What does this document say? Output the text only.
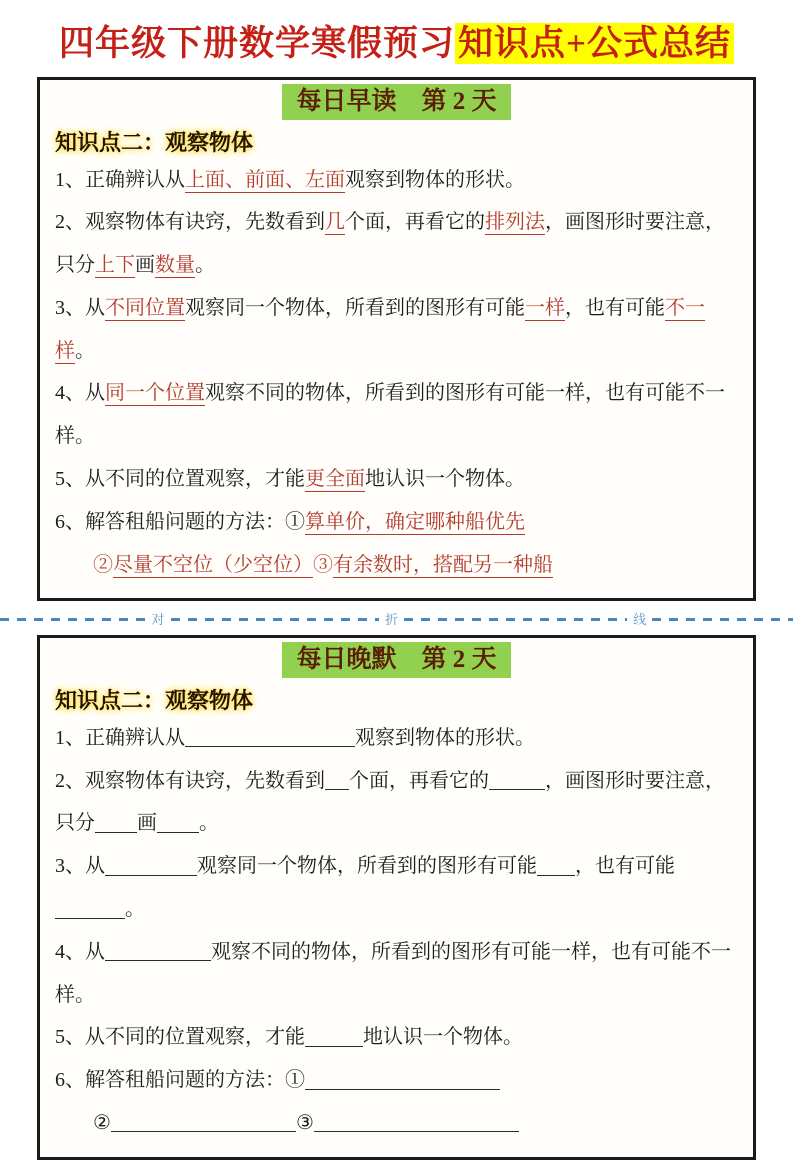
四年级下册数学寒假预习知识点+公式总结
每日早读　第 2 天
知识点二：观察物体

1、正确辨认从上面、前面、左面观察到物体的形状。

2、观察物体有诀窍，先数看到几个面，再看它的排列法，画图形时要注意，只分上下画数量。

3、从不同位置观察同一个物体，所看到的图形有可能一样，也有可能不一样。

4、从同一个位置观察不同的物体，所看到的图形有可能一样，也有可能不一样。

5、从不同的位置观察，才能更全面地认识一个物体。

6、解答租船问题的方法：①算单价，确定哪种船优先

②尽量不空位（少空位）③有余数时，搭配另一种船

对	折	线
每日晚默　第 2 天
知识点二：观察物体

1、正确辨认从	观察到物体的形状。

2、观察物体有诀窍，先数看到 个面，再看它的	，画图形时要注意，只分 画 。

3、从	观察同一个物体，所看到的图形有可能 ，也有可能。

4、从	观察不同的物体，所看到的图形有可能一样，也有可能不一样。

5、从不同的位置观察，才能	地认识一个物体。

6、解答租船问题的方法：①

②	③
